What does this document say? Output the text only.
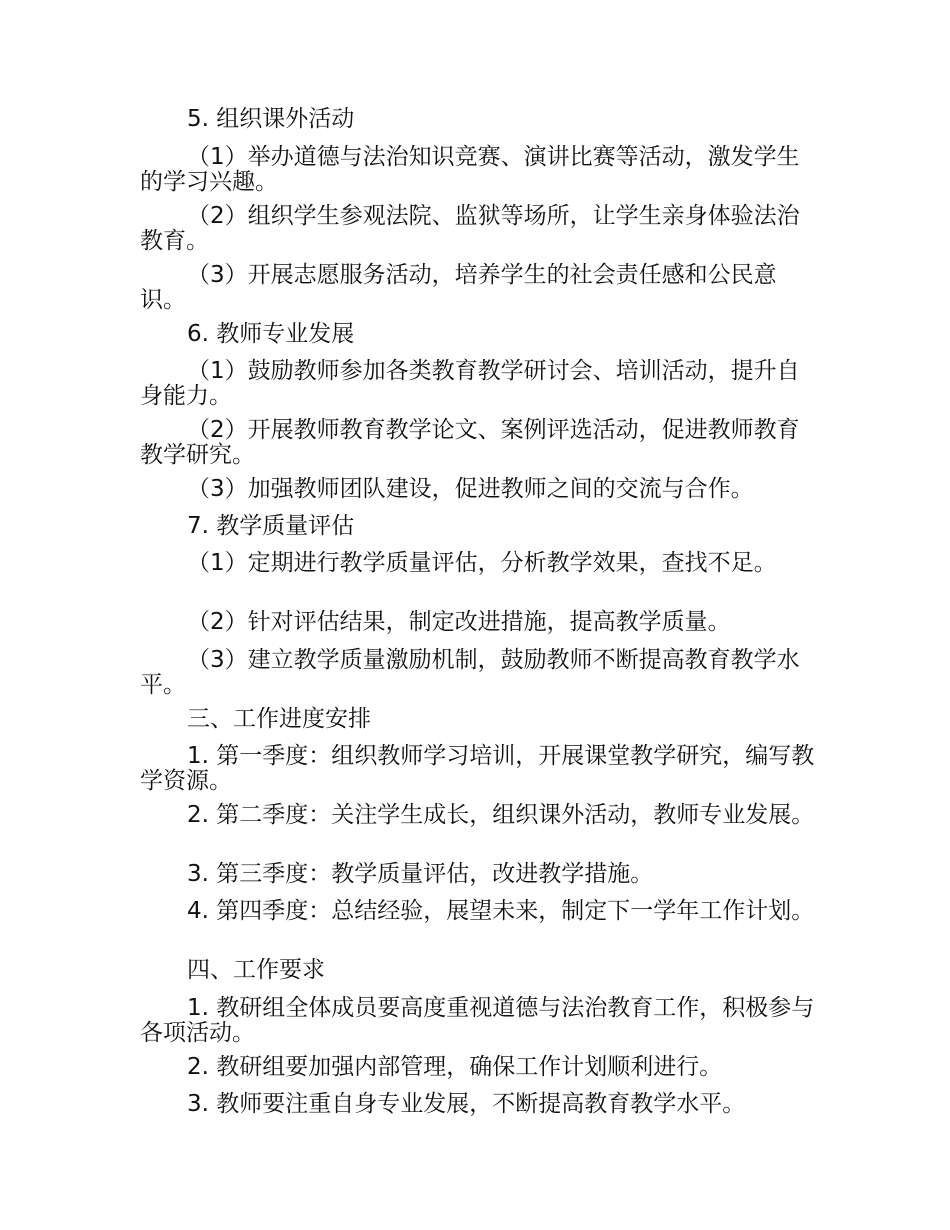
5. 组织课外活动

（1）举办道德与法治知识竞赛、演讲比赛等活动，激发学生的学习兴趣。

（2）组织学生参观法院、监狱等场所，让学生亲身体验法治教育。

（3）开展志愿服务活动，培养学生的社会责任感和公民意识。

6. 教师专业发展

（1）鼓励教师参加各类教育教学研讨会、培训活动，提升自身能力。

（2）开展教师教育教学论文、案例评选活动，促进教师教育教学研究。

（3）加强教师团队建设，促进教师之间的交流与合作。

7. 教学质量评估

（1）定期进行教学质量评估，分析教学效果，查找不足。

（2）针对评估结果，制定改进措施，提高教学质量。

（3）建立教学质量激励机制，鼓励教师不断提高教育教学水平。

三、工作进度安排

1. 第一季度：组织教师学习培训，开展课堂教学研究，编写教学资源。

2. 第二季度：关注学生成长，组织课外活动，教师专业发展。

3. 第三季度：教学质量评估，改进教学措施。

4. 第四季度：总结经验，展望未来，制定下一学年工作计划。

四、工作要求

1. 教研组全体成员要高度重视道德与法治教育工作，积极参与各项活动。

2. 教研组要加强内部管理，确保工作计划顺利进行。

3. 教师要注重自身专业发展，不断提高教育教学水平。
